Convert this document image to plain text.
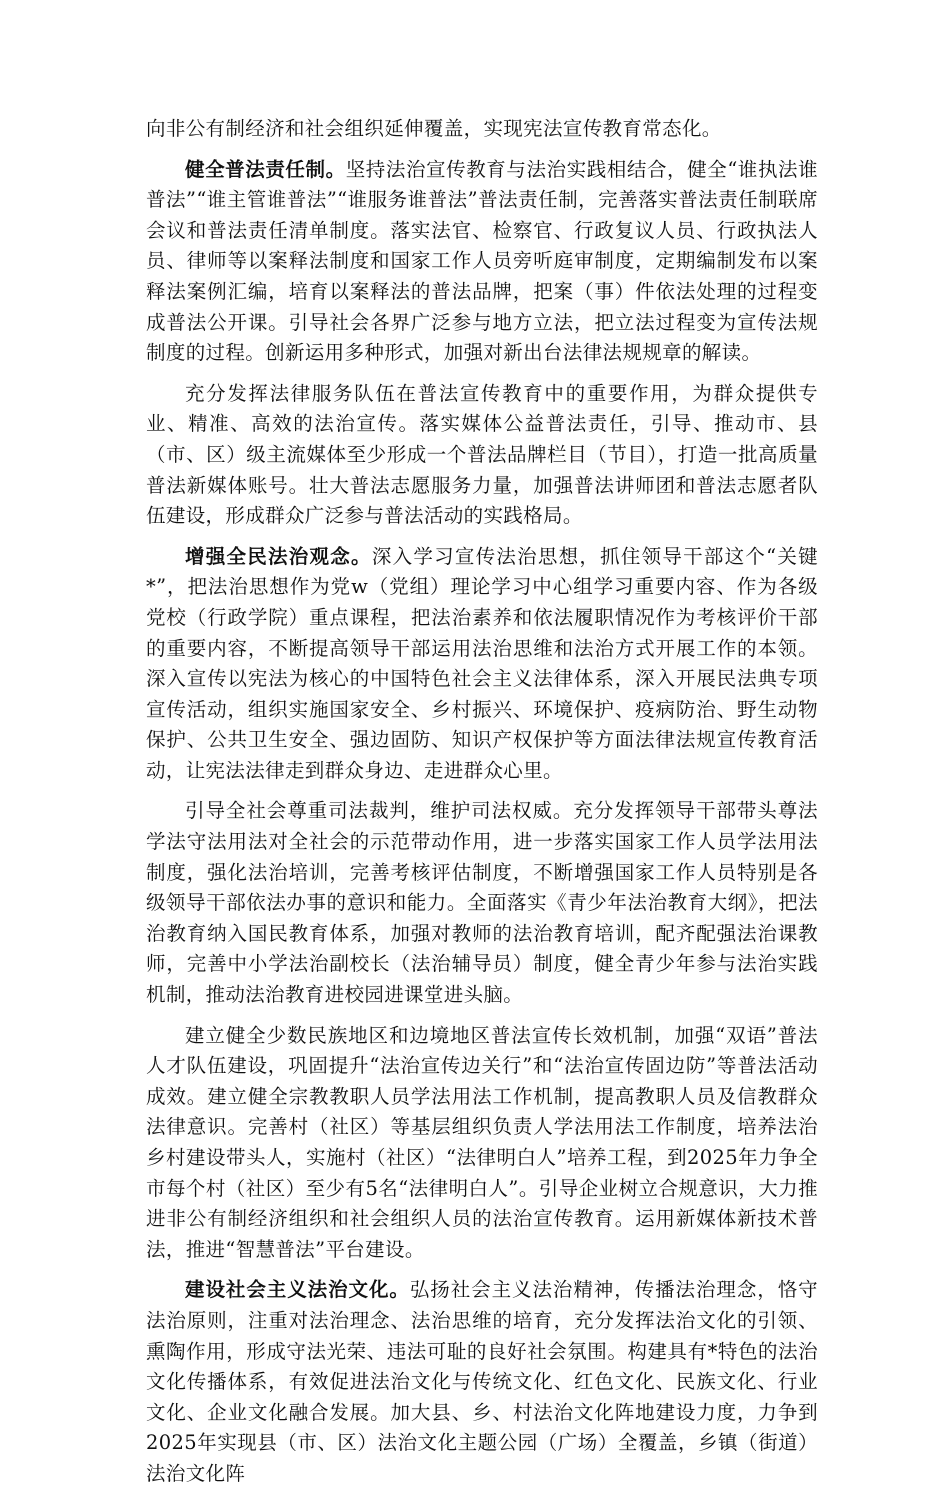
向非公有制经济和社会组织延伸覆盖，实现宪法宣传教育常态化。

健全普法责任制。坚持法治宣传教育与法治实践相结合，健全“谁执法谁普法”“谁主管谁普法”“谁服务谁普法”普法责任制，完善落实普法责任制联席会议和普法责任清单制度。落实法官、检察官、行政复议人员、行政执法人员、律师等以案释法制度和国家工作人员旁听庭审制度，定期编制发布以案释法案例汇编，培育以案释法的普法品牌，把案（事）件依法处理的过程变成普法公开课。引导社会各界广泛参与地方立法，把立法过程变为宣传法规制度的过程。创新运用多种形式，加强对新出台法律法规规章的解读。

充分发挥法律服务队伍在普法宣传教育中的重要作用，为群众提供专业、精准、高效的法治宣传。落实媒体公益普法责任，引导、推动市、县（市、区）级主流媒体至少形成一个普法品牌栏目（节目），打造一批高质量普法新媒体账号。壮大普法志愿服务力量，加强普法讲师团和普法志愿者队伍建设，形成群众广泛参与普法活动的实践格局。

增强全民法治观念。深入学习宣传法治思想，抓住领导干部这个“关键*”，把法治思想作为党w（党组）理论学习中心组学习重要内容、作为各级党校（行政学院）重点课程，把法治素养和依法履职情况作为考核评价干部的重要内容，不断提高领导干部运用法治思维和法治方式开展工作的本领。深入宣传以宪法为核心的中国特色社会主义法律体系，深入开展民法典专项宣传活动，组织实施国家安全、乡村振兴、环境保护、疫病防治、野生动物保护、公共卫生安全、强边固防、知识产权保护等方面法律法规宣传教育活动，让宪法法律走到群众身边、走进群众心里。

引导全社会尊重司法裁判，维护司法权威。充分发挥领导干部带头尊法学法守法用法对全社会的示范带动作用，进一步落实国家工作人员学法用法制度，强化法治培训，完善考核评估制度，不断增强国家工作人员特别是各级领导干部依法办事的意识和能力。全面落实《青少年法治教育大纲》，把法治教育纳入国民教育体系，加强对教师的法治教育培训，配齐配强法治课教师，完善中小学法治副校长（法治辅导员）制度，健全青少年参与法治实践机制，推动法治教育进校园进课堂进头脑。

建立健全少数民族地区和边境地区普法宣传长效机制，加强“双语”普法人才队伍建设，巩固提升“法治宣传边关行”和“法治宣传固边防”等普法活动成效。建立健全宗教教职人员学法用法工作机制，提高教职人员及信教群众法律意识。完善村（社区）等基层组织负责人学法用法工作制度，培养法治乡村建设带头人，实施村（社区）“法律明白人”培养工程，到2025年力争全市每个村（社区）至少有5名“法律明白人”。引导企业树立合规意识，大力推进非公有制经济组织和社会组织人员的法治宣传教育。运用新媒体新技术普法，推进“智慧普法”平台建设。

建设社会主义法治文化。弘扬社会主义法治精神，传播法治理念，恪守法治原则，注重对法治理念、法治思维的培育，充分发挥法治文化的引领、熏陶作用，形成守法光荣、违法可耻的良好社会氛围。构建具有*特色的法治文化传播体系，有效促进法治文化与传统文化、红色文化、民族文化、行业文化、企业文化融合发展。加大县、乡、村法治文化阵地建设力度，力争到2025年实现县（市、区）法治文化主题公园（广场）全覆盖，乡镇（街道）法治文化阵
